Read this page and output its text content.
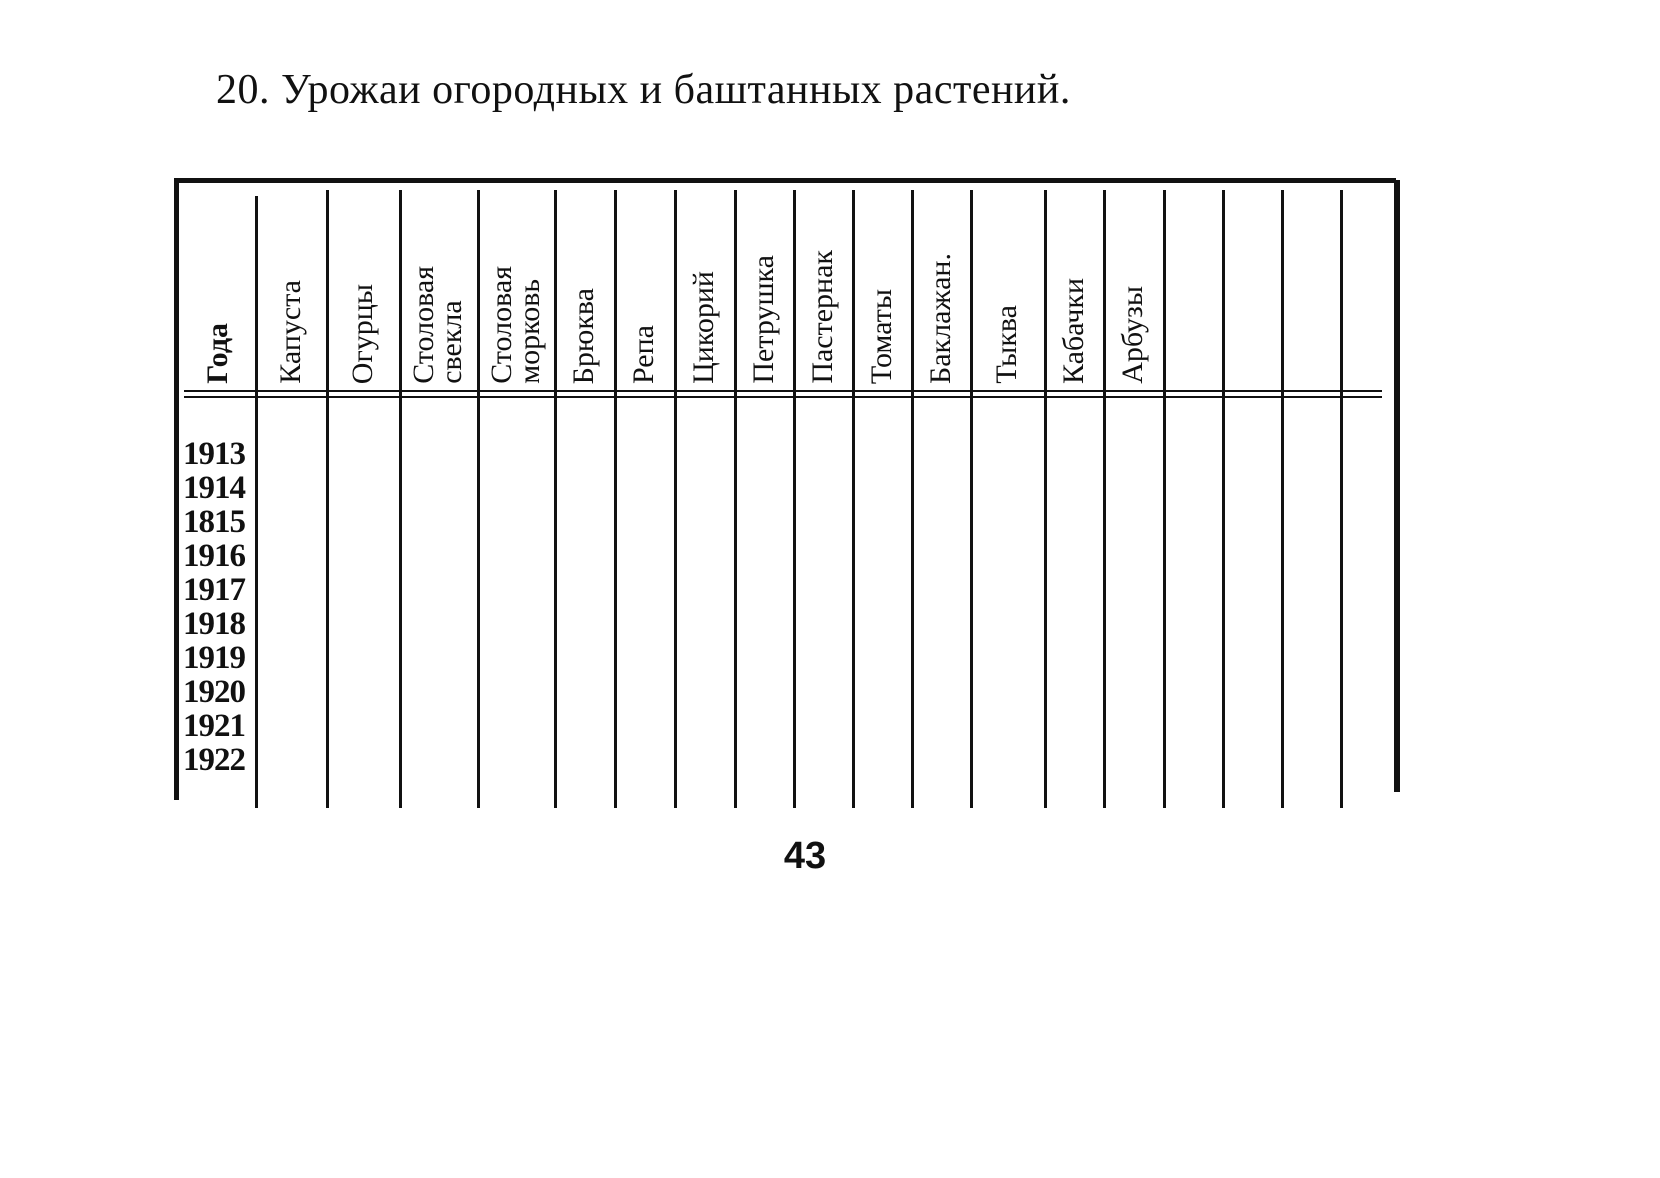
20. Урожаи огородных и баштанных растений.
Года Капуста Огурцы Столовая
свекла Столовая
морковь Брюква Репа Цикорий Петрушка Пастернак Томаты Баклажан. Тыква Кабачки Арбузы
1913
1914
1815
1916
1917
1918
1919
1920
1921
1922
43
